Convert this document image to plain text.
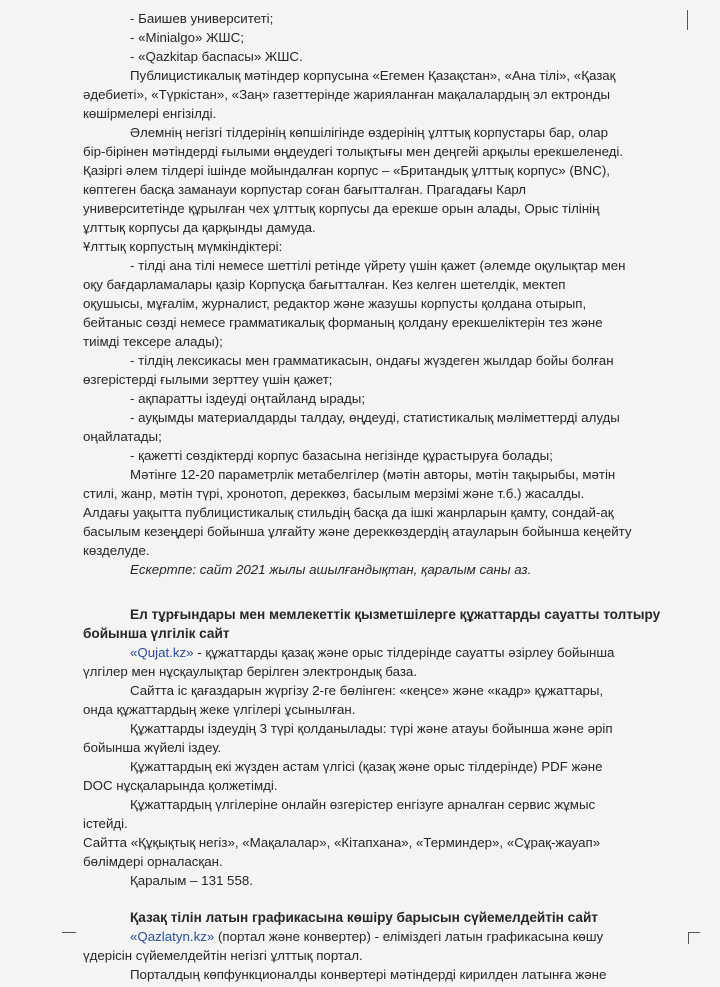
- Баишев университеті;
- «Minialgo» ЖШС;
- «Qazkitap баспасы» ЖШС.
Публицистикалық мәтіндер корпусына «Егемен Қазақстан», «Ана тілі», «Қазақ
әдебиеті», «Түркістан», «Заң» газеттерінде жарияланған мақалалардың эл ектронды
көшірмелері енгізілді.
Әлемнің негізгі тілдерінің көпшілігінде өздерінің ұлттық корпустары бар, олар
бір-бірінен мәтіндерді ғылыми өңдеудегі толықтығы мен деңгейі арқылы ерекшеленеді.
Қазіргі әлем тілдері ішінде мойындалған корпус – «Британдық ұлттық корпус» (BNC),
көптеген басқа заманауи корпустар соған бағытталған. Прагадағы Карл
университетінде құрылған чех ұлттық корпусы да ерекше орын алады, Орыс тілінің
ұлттық корпусы да қарқынды дамуда.
Ұлттық корпустың мүмкіндіктері:
- тілді ана тілі немесе шеттілі ретінде үйрету үшін қажет (әлемде оқулықтар мен
оқу бағдарламалары қазір Корпусқа бағытталған. Кез келген шетелдік, мектеп
оқушысы, мұғалім, журналист, редактор және жазушы корпусты қолдана отырып,
бейтаныс сөзді немесе грамматикалық форманың қолдану ерекшеліктерін тез және
тиімді тексере алады);
- тілдің лексикасы мен грамматикасын, ондағы жүздеген жылдар бойы болған
өзгерістерді ғылыми зерттеу үшін қажет;
- ақпаратты іздеуді оңтайланд ырады;
- ауқымды материалдарды талдау, өңдеуді, статистикалық мәліметтерді алуды
оңайлатады;
- қажетті сөздіктерді корпус базасына негізінде құрастыруға болады;
Мәтінге 12-20 параметрлік метабелгілер (мәтін авторы, мәтін тақырыбы, мәтін
стилі, жанр, мәтін түрі, хронотоп, дереккөз, басылым мерзімі және т.б.) жасалды.
Алдағы уақытта публицистикалық стильдің басқа да ішкі жанрларын қамту, сондай-ақ
басылым кезеңдері бойынша ұлғайту және дереккөздердің атауларын бойынша кеңейту
көзделуде.
Ескертпе: сайт 2021 жылы ашылғандықтан, қаралым саны аз.
Ел тұрғындары мен мемлекеттік қызметшілерге құжаттарды сауатты толтыру
бойынша үлгілік сайт
«Qujat.kz» - құжаттарды қазақ және орыс тілдерінде сауатты әзірлеу бойынша
үлгілер мен нұсқаулықтар берілген электрондық база.
Сайтта іс қағаздарын жүргізу 2-ге бөлінген: «кеңсе» және «кадр» құжаттары,
онда құжаттардың жеке үлгілері ұсынылған.
Құжаттарды іздеудің 3 түрі қолданылады: түрі және атауы бойынша және әріп
бойынша жүйелі іздеу.
Құжаттардың екі жүзден астам үлгісі (қазақ және орыс тілдерінде) PDF және
DOC нұсқаларында қолжетімді.
Құжаттардың үлгілеріне онлайн өзгерістер енгізуге арналған сервис жұмыс
істейді.
Сайтта «Құқықтық негіз», «Мақалалар», «Кітапхана», «Терминдер», «Сұрақ-жауап»
бөлімдері орналасқан.
Қаралым – 131 558.
Қазақ тілін латын графикасына көшіру барысын сүйемелдейтін сайт
«Qazlatyn.kz» (портал және конвертер) - еліміздегі латын графикасына көшу
үдерісін сүйемелдейтін негізгі ұлттық портал.
Порталдың көпфункционалды конвертері мәтіндерді кирилден латынға және
